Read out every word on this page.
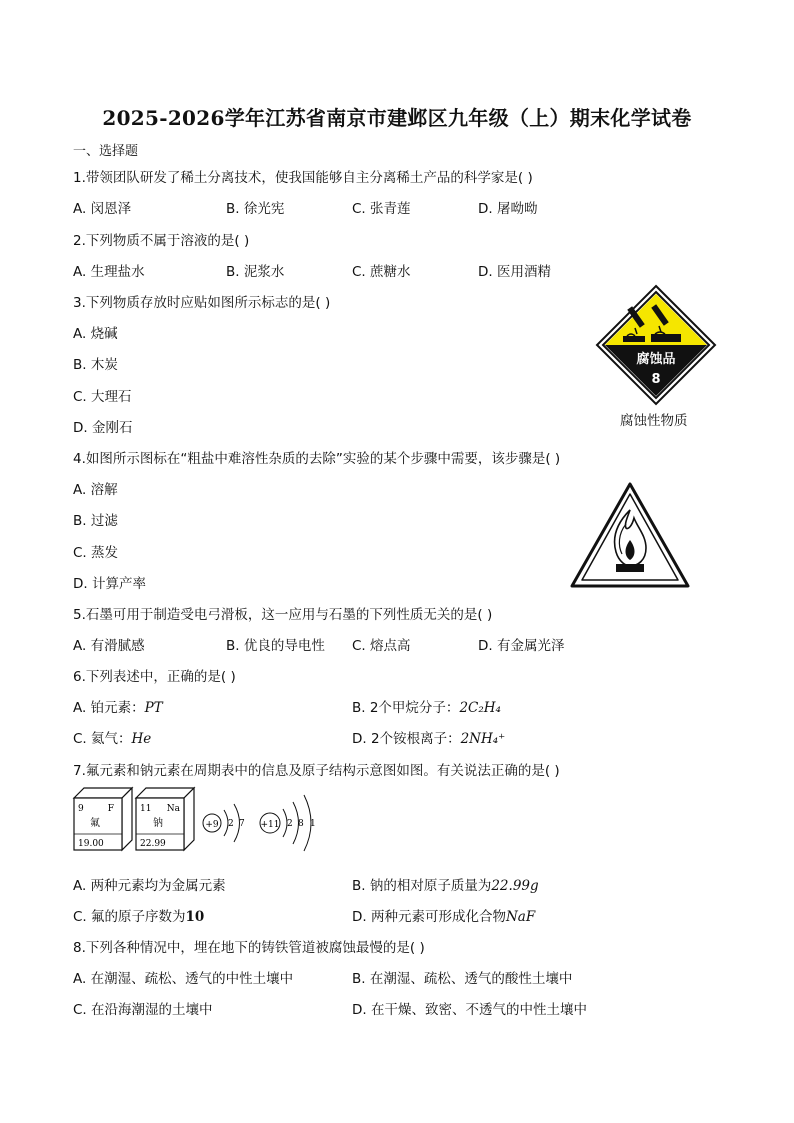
2025-2026学年江苏省南京市建邺区九年级（上）期末化学试卷
一、选择题
1.带领团队研发了稀土分离技术，使我国能够自主分离稀土产品的科学家是( )
A. 闵恩泽	B. 徐光宪	C. 张青莲	D. 屠呦呦
2.下列物质不属于溶液的是( )
A. 生理盐水	B. 泥浆水	C. 蔗糖水	D. 医用酒精
3.下列物质存放时应贴如图所示标志的是( )
A. 烧碱
B. 木炭
C. 大理石
D. 金刚石
腐蚀品
8
腐蚀性物质
4.如图所示图标在“粗盐中难溶性杂质的去除”实验的某个步骤中需要，该步骤是( )
A. 溶解
B. 过滤
C. 蒸发
D. 计算产率
5.石墨可用于制造受电弓滑板，这一应用与石墨的下列性质无关的是( )
A. 有滑腻感	B. 优良的导电性 C. 熔点高	D. 有金属光泽
6.下列表述中，正确的是( )
A. 铂元素：PT	B. 2个甲烷分子：2C₂H₄
C. 氦气：He	D. 2个铵根离子：2NH₄⁺
7.氟元素和钠元素在周期表中的信息及原子结构示意图如图。有关说法正确的是( )
9	F
氟
19.00
11 Na
钠
22.99
+9 2 7 +11 2 8 1
A. 两种元素均为金属元素	B. 钠的相对原子质量为22.99g
C. 氟的原子序数为10	D. 两种元素可形成化合物NaF
8.下列各种情况中，埋在地下的铸铁管道被腐蚀最慢的是( )
A. 在潮湿、疏松、透气的中性土壤中	B. 在潮湿、疏松、透气的酸性土壤中
C. 在沿海潮湿的土壤中	D. 在干燥、致密、不透气的中性土壤中
